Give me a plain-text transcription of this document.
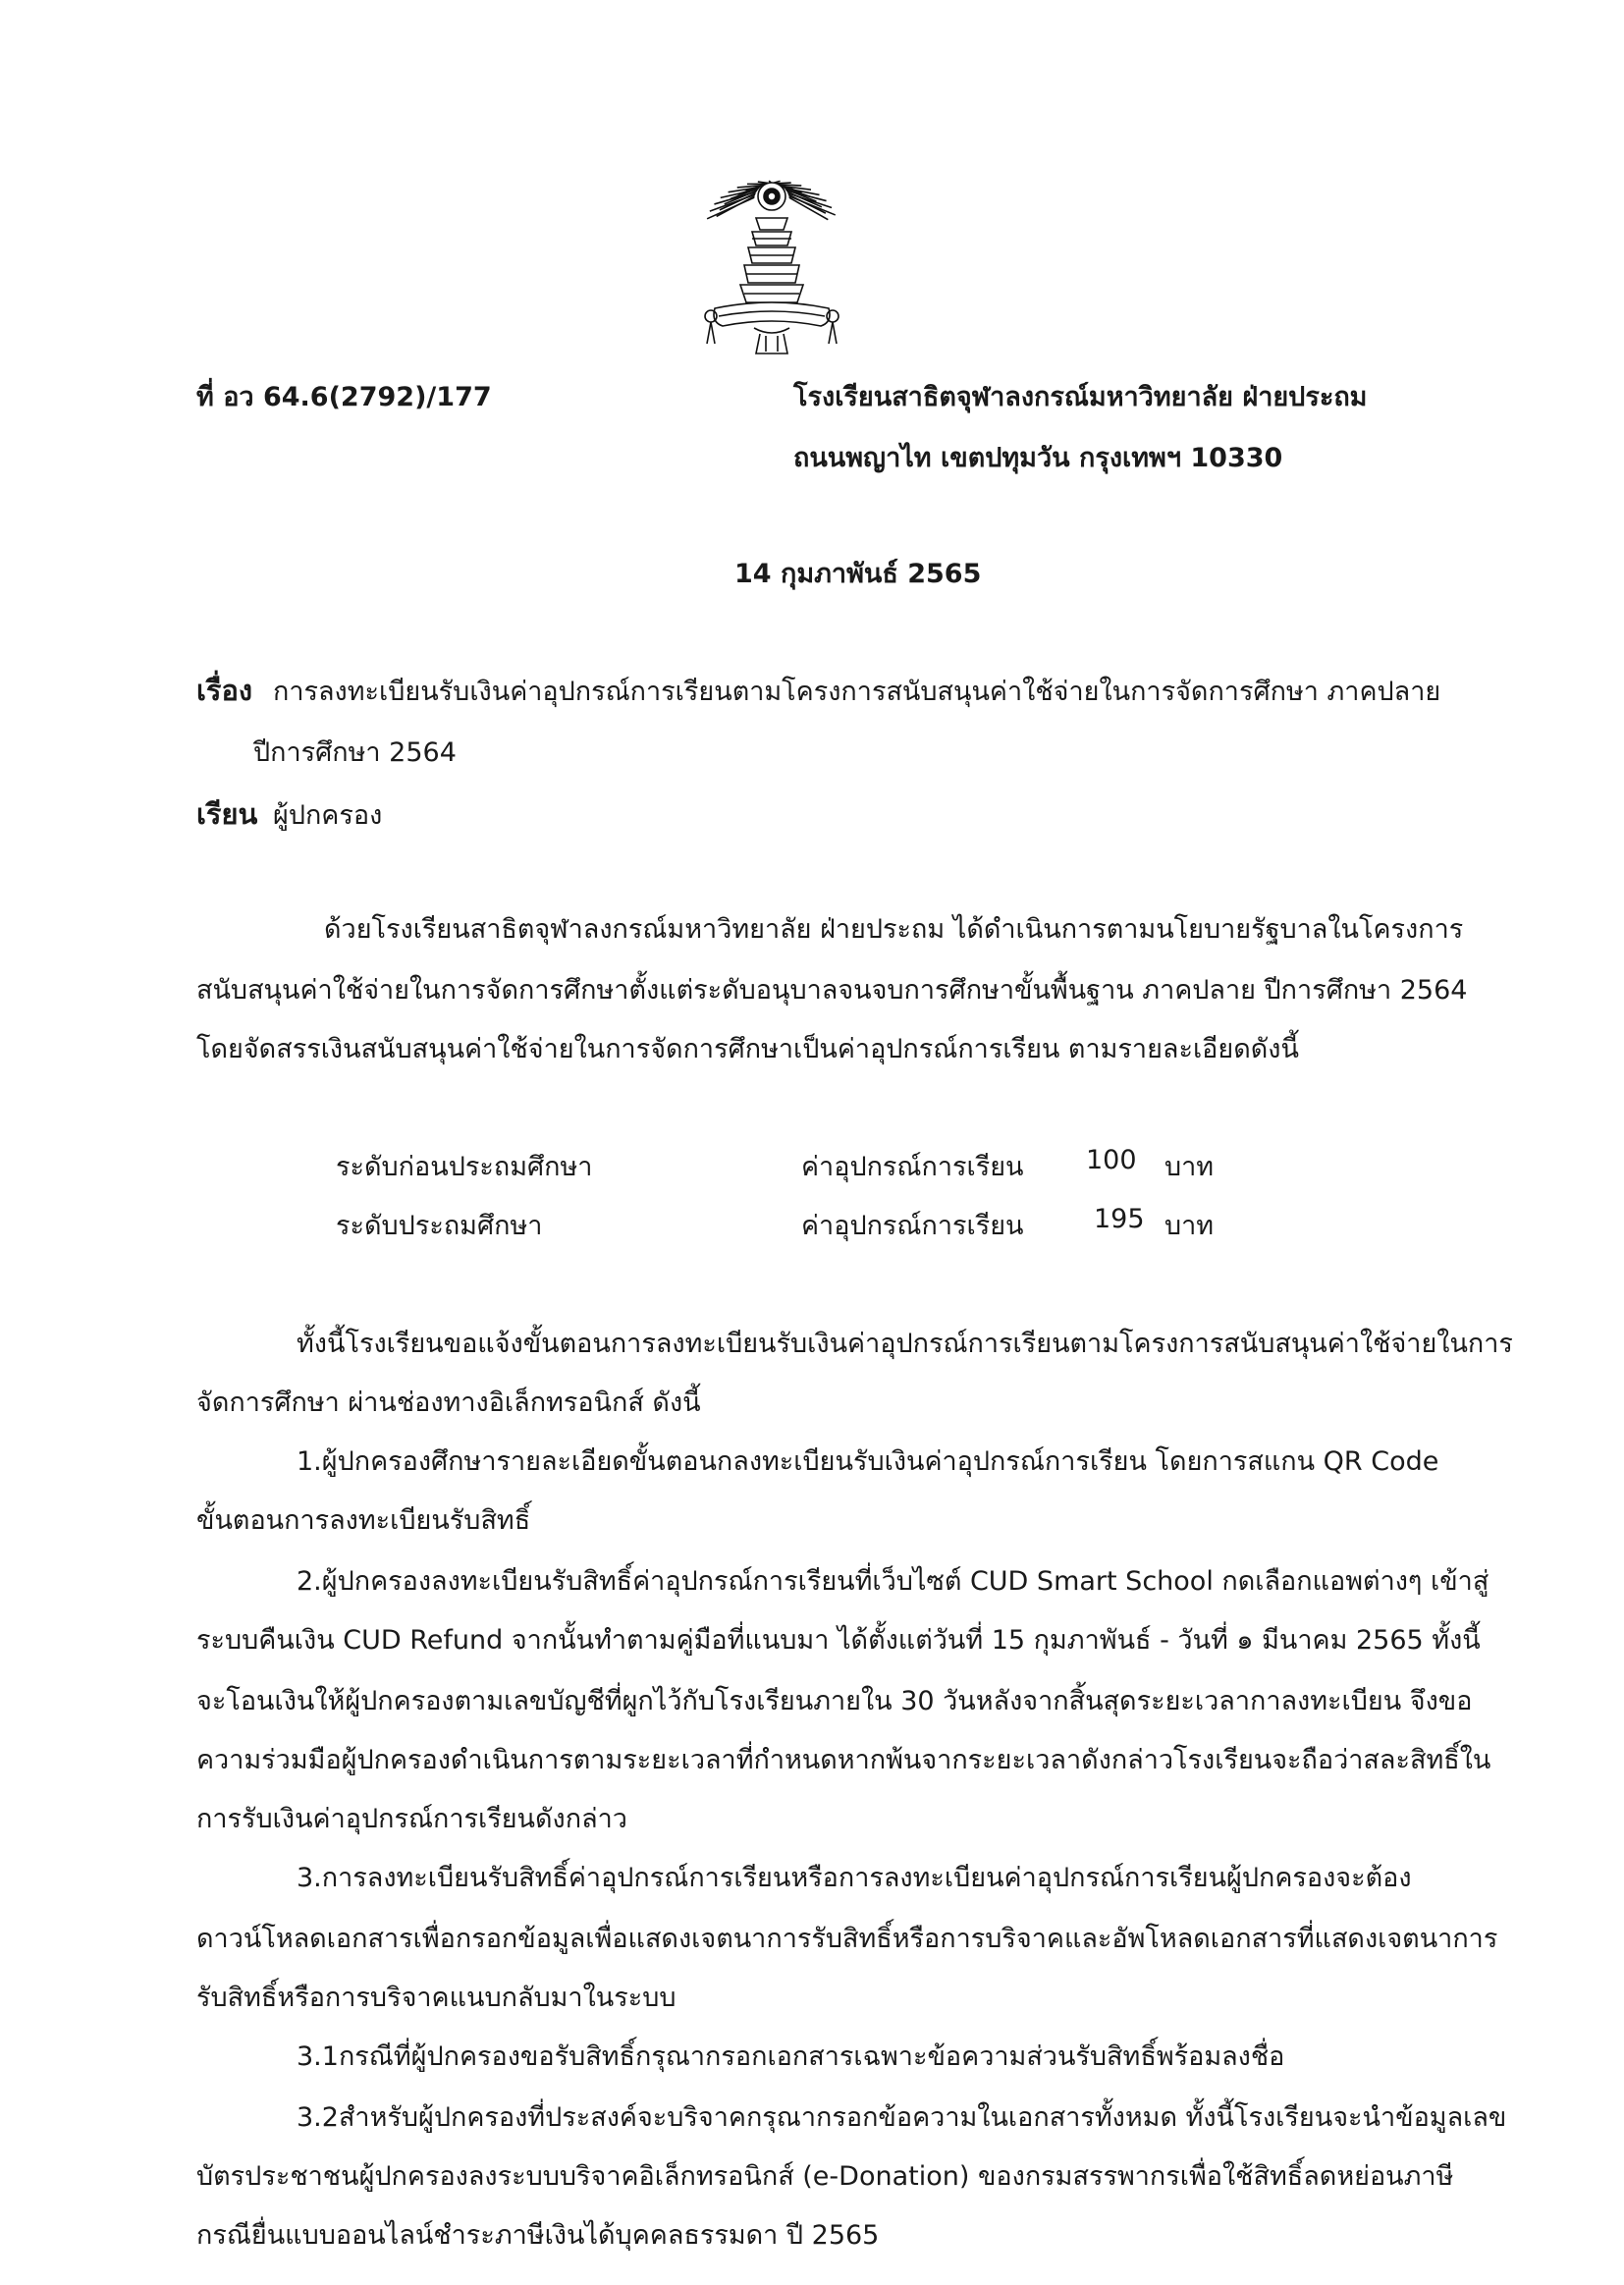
ที่ อว 64.6(2792)/177	โรงเรียนสาธิตจุฬาลงกรณ์มหาวิทยาลัย ฝ่ายประถม
ถนนพญาไท เขตปทุมวัน กรุงเทพฯ 10330
14 กุมภาพันธ์ 2565
เรื่อง การลงทะเบียนรับเงินค่าอุปกรณ์การเรียนตามโครงการสนับสนุนค่าใช้จ่ายในการจัดการศึกษา ภาคปลาย
ปีการศึกษา 2564
เรียน ผู้ปกครอง
ด้วยโรงเรียนสาธิตจุฬาลงกรณ์มหาวิทยาลัย ฝ่ายประถม ได้ดำเนินการตามนโยบายรัฐบาลในโครงการ
สนับสนุนค่าใช้จ่ายในการจัดการศึกษาตั้งแต่ระดับอนุบาลจนจบการศึกษาขั้นพื้นฐาน ภาคปลาย ปีการศึกษา 2564
โดยจัดสรรเงินสนับสนุนค่าใช้จ่ายในการจัดการศึกษาเป็นค่าอุปกรณ์การเรียน ตามรายละเอียดดังนี้
ระดับก่อนประถมศึกษา	ค่าอุปกรณ์การเรียน 100 บาท
ระดับประถมศึกษา	ค่าอุปกรณ์การเรียน	195 บาท
ทั้งนี้โรงเรียนขอแจ้งขั้นตอนการลงทะเบียนรับเงินค่าอุปกรณ์การเรียนตามโครงการสนับสนุนค่าใช้จ่ายในการ
จัดการศึกษา ผ่านช่องทางอิเล็กทรอนิกส์ ดังนี้
1.ผู้ปกครองศึกษารายละเอียดขั้นตอนกลงทะเบียนรับเงินค่าอุปกรณ์การเรียน โดยการสแกน QR Code
ขั้นตอนการลงทะเบียนรับสิทธิ์
2.ผู้ปกครองลงทะเบียนรับสิทธิ์ค่าอุปกรณ์การเรียนที่เว็บไซต์ CUD Smart School กดเลือกแอพต่างๆ เข้าสู่
ระบบคืนเงิน CUD Refund จากนั้นทำตามคู่มือที่แนบมา ได้ตั้งแต่วันที่ 15 กุมภาพันธ์ - วันที่ ๑ มีนาคม 2565 ทั้งนี้
จะโอนเงินให้ผู้ปกครองตามเลขบัญชีที่ผูกไว้กับโรงเรียนภายใน 30 วันหลังจากสิ้นสุดระยะเวลากาลงทะเบียน จึงขอ
ความร่วมมือผู้ปกครองดำเนินการตามระยะเวลาที่กำหนดหากพ้นจากระยะเวลาดังกล่าวโรงเรียนจะถือว่าสละสิทธิ์ใน
การรับเงินค่าอุปกรณ์การเรียนดังกล่าว
3.การลงทะเบียนรับสิทธิ์ค่าอุปกรณ์การเรียนหรือการลงทะเบียนค่าอุปกรณ์การเรียนผู้ปกครองจะต้อง
ดาวน์โหลดเอกสารเพื่อกรอกข้อมูลเพื่อแสดงเจตนาการรับสิทธิ์หรือการบริจาคและอัพโหลดเอกสารที่แสดงเจตนาการ
รับสิทธิ์หรือการบริจาคแนบกลับมาในระบบ
3.1กรณีที่ผู้ปกครองขอรับสิทธิ์กรุณากรอกเอกสารเฉพาะข้อความส่วนรับสิทธิ์พร้อมลงชื่อ
3.2สำหรับผู้ปกครองที่ประสงค์จะบริจาคกรุณากรอกข้อความในเอกสารทั้งหมด ทั้งนี้โรงเรียนจะนำข้อมูลเลข
บัตรประชาชนผู้ปกครองลงระบบบริจาคอิเล็กทรอนิกส์ (e-Donation) ของกรมสรรพากรเพื่อใช้สิทธิ์ลดหย่อนภาษี
กรณียื่นแบบออนไลน์ชำระภาษีเงินได้บุคคลธรรมดา ปี 2565
